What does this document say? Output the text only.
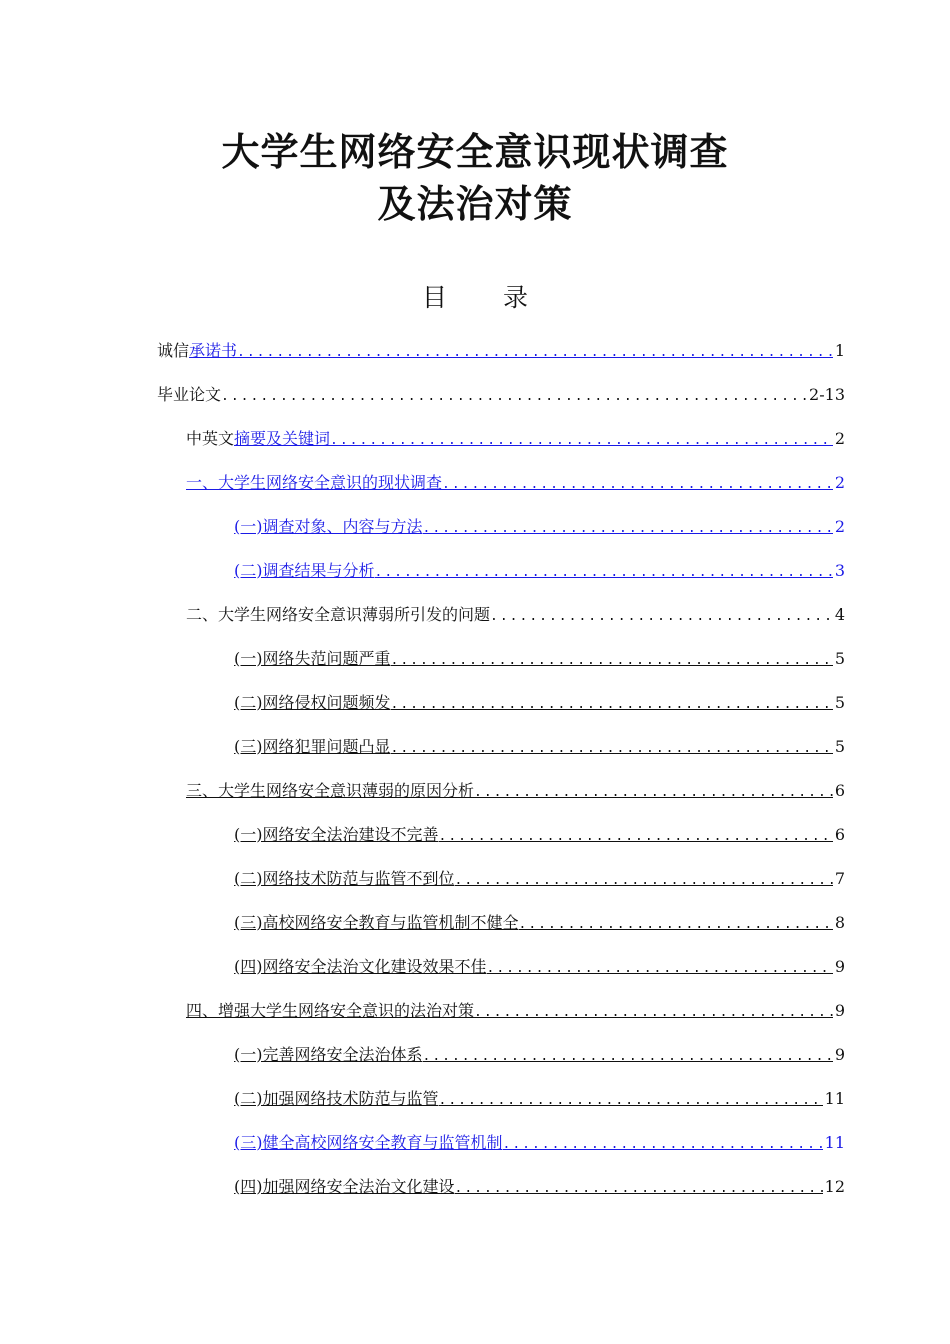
大学生网络安全意识现状调查
及法治对策
目 录
诚信 承诺书 .....	1
毕业论文 .....	2-13
中英文 摘要及关键词 .....	2
一、大学生网络安全意识的现状调查 .....	2
(一)调查对象、内容与方法 .....	2
(二)调查结果与分析 .....	3
二、大学生网络安全意识薄弱所引发的问题 .....	4
(一)网络失范问题严重 .....	5
(二)网络侵权问题频发 .....	5
(三)网络犯罪问题凸显 .....	5
三、大学生网络安全意识薄弱的原因分析 .....	6
(一)网络安全法治建设不完善 .....	6
(二)网络技术防范与监管不到位 .....	7
(三)高校网络安全教育与监管机制不健全 .....	8
(四)网络安全法治文化建设效果不佳 .....	9
四、增强大学生网络安全意识的法治对策 .....	9
(一)完善网络安全法治体系 .....	9
(二)加强网络技术防范与监管 .....	11
(三)健全高校网络安全教育与监管机制 .....	11
(四)加强网络安全法治文化建设 .....	12
